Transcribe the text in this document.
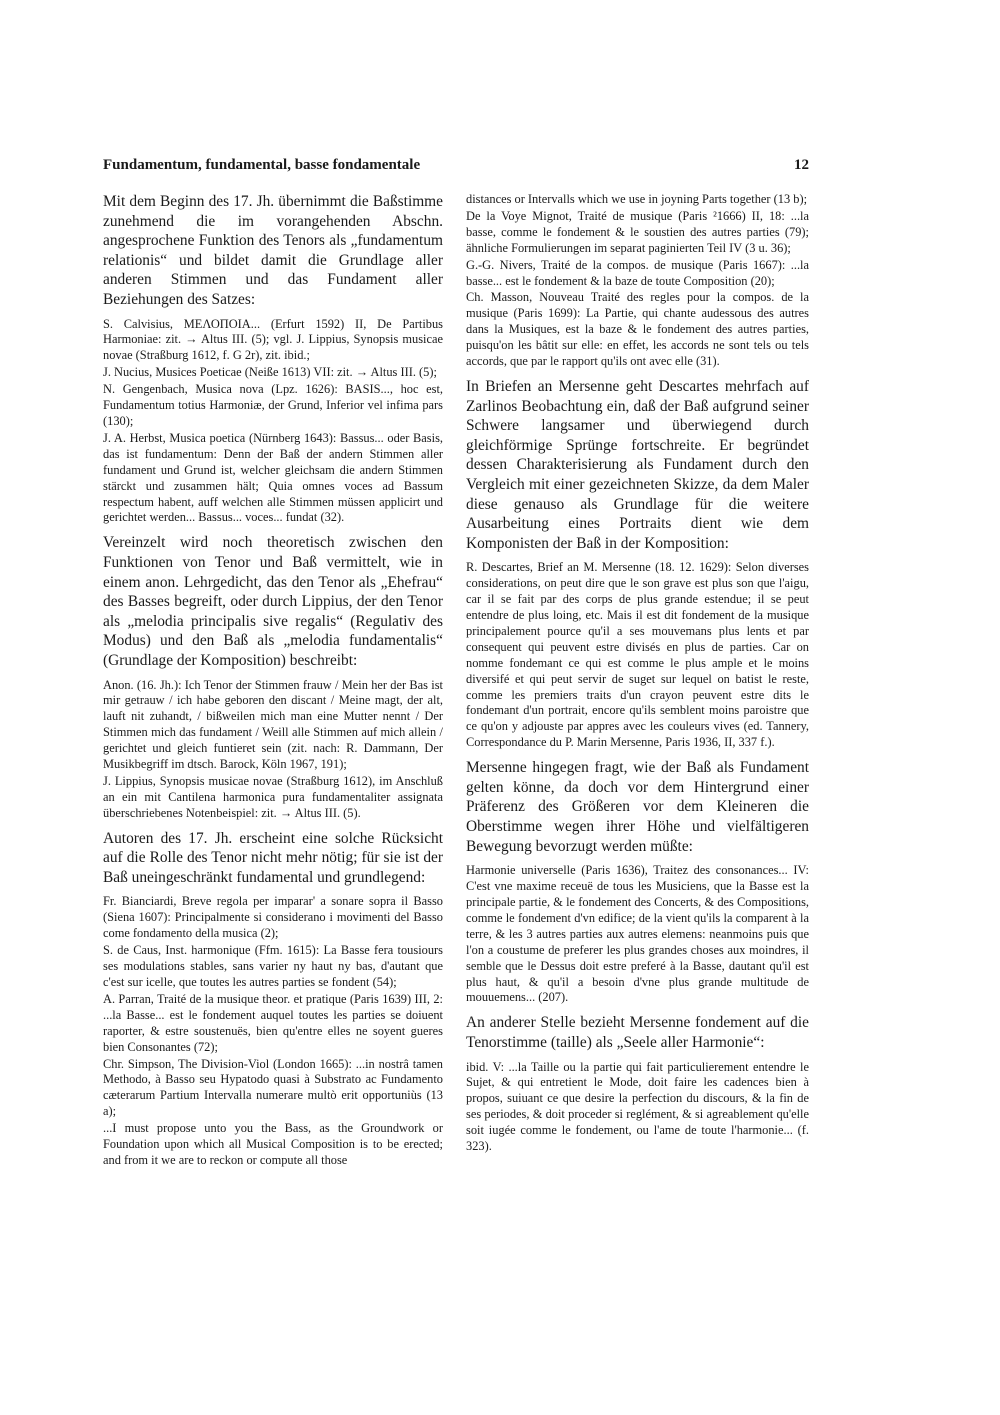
Fundamentum, fundamental, basse fondamentale	12

Mit dem Beginn des 17. Jh. übernimmt die Baßstimme zunehmend die im vorangehenden Abschn. angesprochene Funktion des Tenors als „fundamentum relationis“ und bildet damit die Grundlage aller anderen Stimmen und das Fundament aller Beziehungen des Satzes:

S. Calvisius, ΜΕΛΟΠΟΙΑ... (Erfurt 1592) II, De Partibus Harmoniae: zit. → Altus III. (5); vgl. J. Lippius, Synopsis musicae novae (Straßburg 1612, f. G 2r), zit. ibid.;

J. Nucius, Musices Poeticae (Neiße 1613) VII: zit. → Altus III. (5);

N. Gengenbach, Musica nova (Lpz. 1626): BASIS..., hoc est, Fundamentum totius Harmoniæ, der Grund, Inferior vel infima pars (130);

J. A. Herbst, Musica poetica (Nürnberg 1643): Bassus... oder Basis, das ist fundamentum: Denn der Baß der andern Stimmen aller fundament und Grund ist, welcher gleichsam die andern Stimmen stärckt und zusammen hält; Quia omnes voces ad Bassum respectum habent, auff welchen alle Stimmen müssen applicirt und gerichtet werden... Bassus... voces... fundat (32).

Vereinzelt wird noch theoretisch zwischen den Funktionen von Tenor und Baß vermittelt, wie in einem anon. Lehrgedicht, das den Tenor als „Ehefrau“ des Basses begreift, oder durch Lippius, der den Tenor als „melodia principalis sive regalis“ (Regulativ des Modus) und den Baß als „melodia fundamentalis“ (Grundlage der Komposition) beschreibt:

Anon. (16. Jh.): Ich Tenor der Stimmen frauw / Mein her der Bas ist mir getrauw / ich habe geboren den discant / Meine magt, der alt, lauft nit zuhandt, / bißweilen mich man eine Mutter nennt / Der Stimmen mich das fundament / Weill alle Stimmen auf mich allein / gerichtet und gleich funtieret sein (zit. nach: R. Dammann, Der Musikbegriff im dtsch. Barock, Köln 1967, 191);

J. Lippius, Synopsis musicae novae (Straßburg 1612), im Anschluß an ein mit Cantilena harmonica pura fundamentaliter assignata überschriebenes Notenbeispiel: zit. → Altus III. (5).

Autoren des 17. Jh. erscheint eine solche Rücksicht auf die Rolle des Tenor nicht mehr nötig; für sie ist der Baß uneingeschränkt fundamental und grundlegend:

Fr. Bianciardi, Breve regola per imparar' a sonare sopra il Basso (Siena 1607): Principalmente si considerano i movimenti del Basso come fondamento della musica (2);

S. de Caus, Inst. harmonique (Ffm. 1615): La Basse fera tousiours ses modulations stables, sans varier ny haut ny bas, d'autant que c'est sur icelle, que toutes les autres parties se fondent (54);

A. Parran, Traité de la musique theor. et pratique (Paris 1639) III, 2: ...la Basse... est le fondement auquel toutes les parties se doiuent raporter, & estre soustenuës, bien qu'entre elles ne soyent gueres bien Consonantes (72);

Chr. Simpson, The Division-Viol (London 1665): ...in nostrâ tamen Methodo, à Basso seu Hypatodo quasi à Substrato ac Fundamento cæterarum Partium Intervalla numerare multò erit opportuniùs (13 a);

...I must propose unto you the Bass, as the Groundwork or Foundation upon which all Musical Composition is to be erected; and from it we are to reckon or compute all those

distances or Intervalls which we use in joyning Parts together (13 b);

De la Voye Mignot, Traité de musique (Paris ²1666) II, 18: ...la basse, comme le fondement & le soustien des autres parties (79); ähnliche Formulierungen im separat paginierten Teil IV (3 u. 36);

G.-G. Nivers, Traité de la compos. de musique (Paris 1667): ...la basse... est le fondement & la baze de toute Composition (20);

Ch. Masson, Nouveau Traité des regles pour la compos. de la musique (Paris 1699): La Partie, qui chante audessous des autres dans la Musiques, est la baze & le fondement des autres parties, puisqu'on les bâtit sur elle: en effet, les accords ne sont tels ou tels accords, que par le rapport qu'ils ont avec elle (31).

In Briefen an Mersenne geht Descartes mehrfach auf Zarlinos Beobachtung ein, daß der Baß aufgrund seiner Schwere langsamer und überwiegend durch gleichförmige Sprünge fortschreite. Er begründet dessen Charakterisierung als Fundament durch den Vergleich mit einer gezeichneten Skizze, da dem Maler diese genauso als Grundlage für die weitere Ausarbeitung eines Portraits dient wie dem Komponisten der Baß in der Komposition:

R. Descartes, Brief an M. Mersenne (18. 12. 1629): Selon diverses considerations, on peut dire que le son grave est plus son que l'aigu, car il se fait par des corps de plus grande estendue; il se peut entendre de plus loing, etc. Mais il est dit fondement de la musique principalement pource qu'il a ses mouvemans plus lents et par consequent qui peuvent estre divisés en plus de parties. Car on nomme fondemant ce qui est comme le plus ample et le moins diversifé et qui peut servir de suget sur lequel on batist le reste, comme les premiers traits d'un crayon peuvent estre dits le fondemant d'un portrait, encore qu'ils semblent moins paroistre que ce qu'on y adjouste par appres avec les couleurs vives (ed. Tannery, Correspondance du P. Marin Mersenne, Paris 1936, II, 337 f.).

Mersenne hingegen fragt, wie der Baß als Fundament gelten könne, da doch vor dem Hintergrund einer Präferenz des Größeren vor dem Kleineren die Oberstimme wegen ihrer Höhe und vielfältigeren Bewegung bevorzugt werden müßte:

Harmonie universelle (Paris 1636), Traitez des consonances... IV: C'est vne maxime receuë de tous les Musiciens, que la Basse est la principale partie, & le fondement des Concerts, & des Compositions, comme le fondement d'vn edifice; de la vient qu'ils la comparent à la terre, & les 3 autres parties aux autres elemens: neanmoins puis que l'on a coustume de preferer les plus grandes choses aux moindres, il semble que le Dessus doit estre preferé à la Basse, dautant qu'il est plus haut, & qu'il a besoin d'vne plus grande multitude de mouuemens... (207).

An anderer Stelle bezieht Mersenne fondement auf die Tenorstimme (taille) als „Seele aller Harmonie“:

ibid. V: ...la Taille ou la partie qui fait particulierement entendre le Sujet, & qui entretient le Mode, doit faire les cadences bien à propos, suiuant ce que desire la perfection du discours, & la fin de ses periodes, & doit proceder si reglément, & si agreablement qu'elle soit iugée comme le fondement, ou l'ame de toute l'harmonie... (f. 323).
